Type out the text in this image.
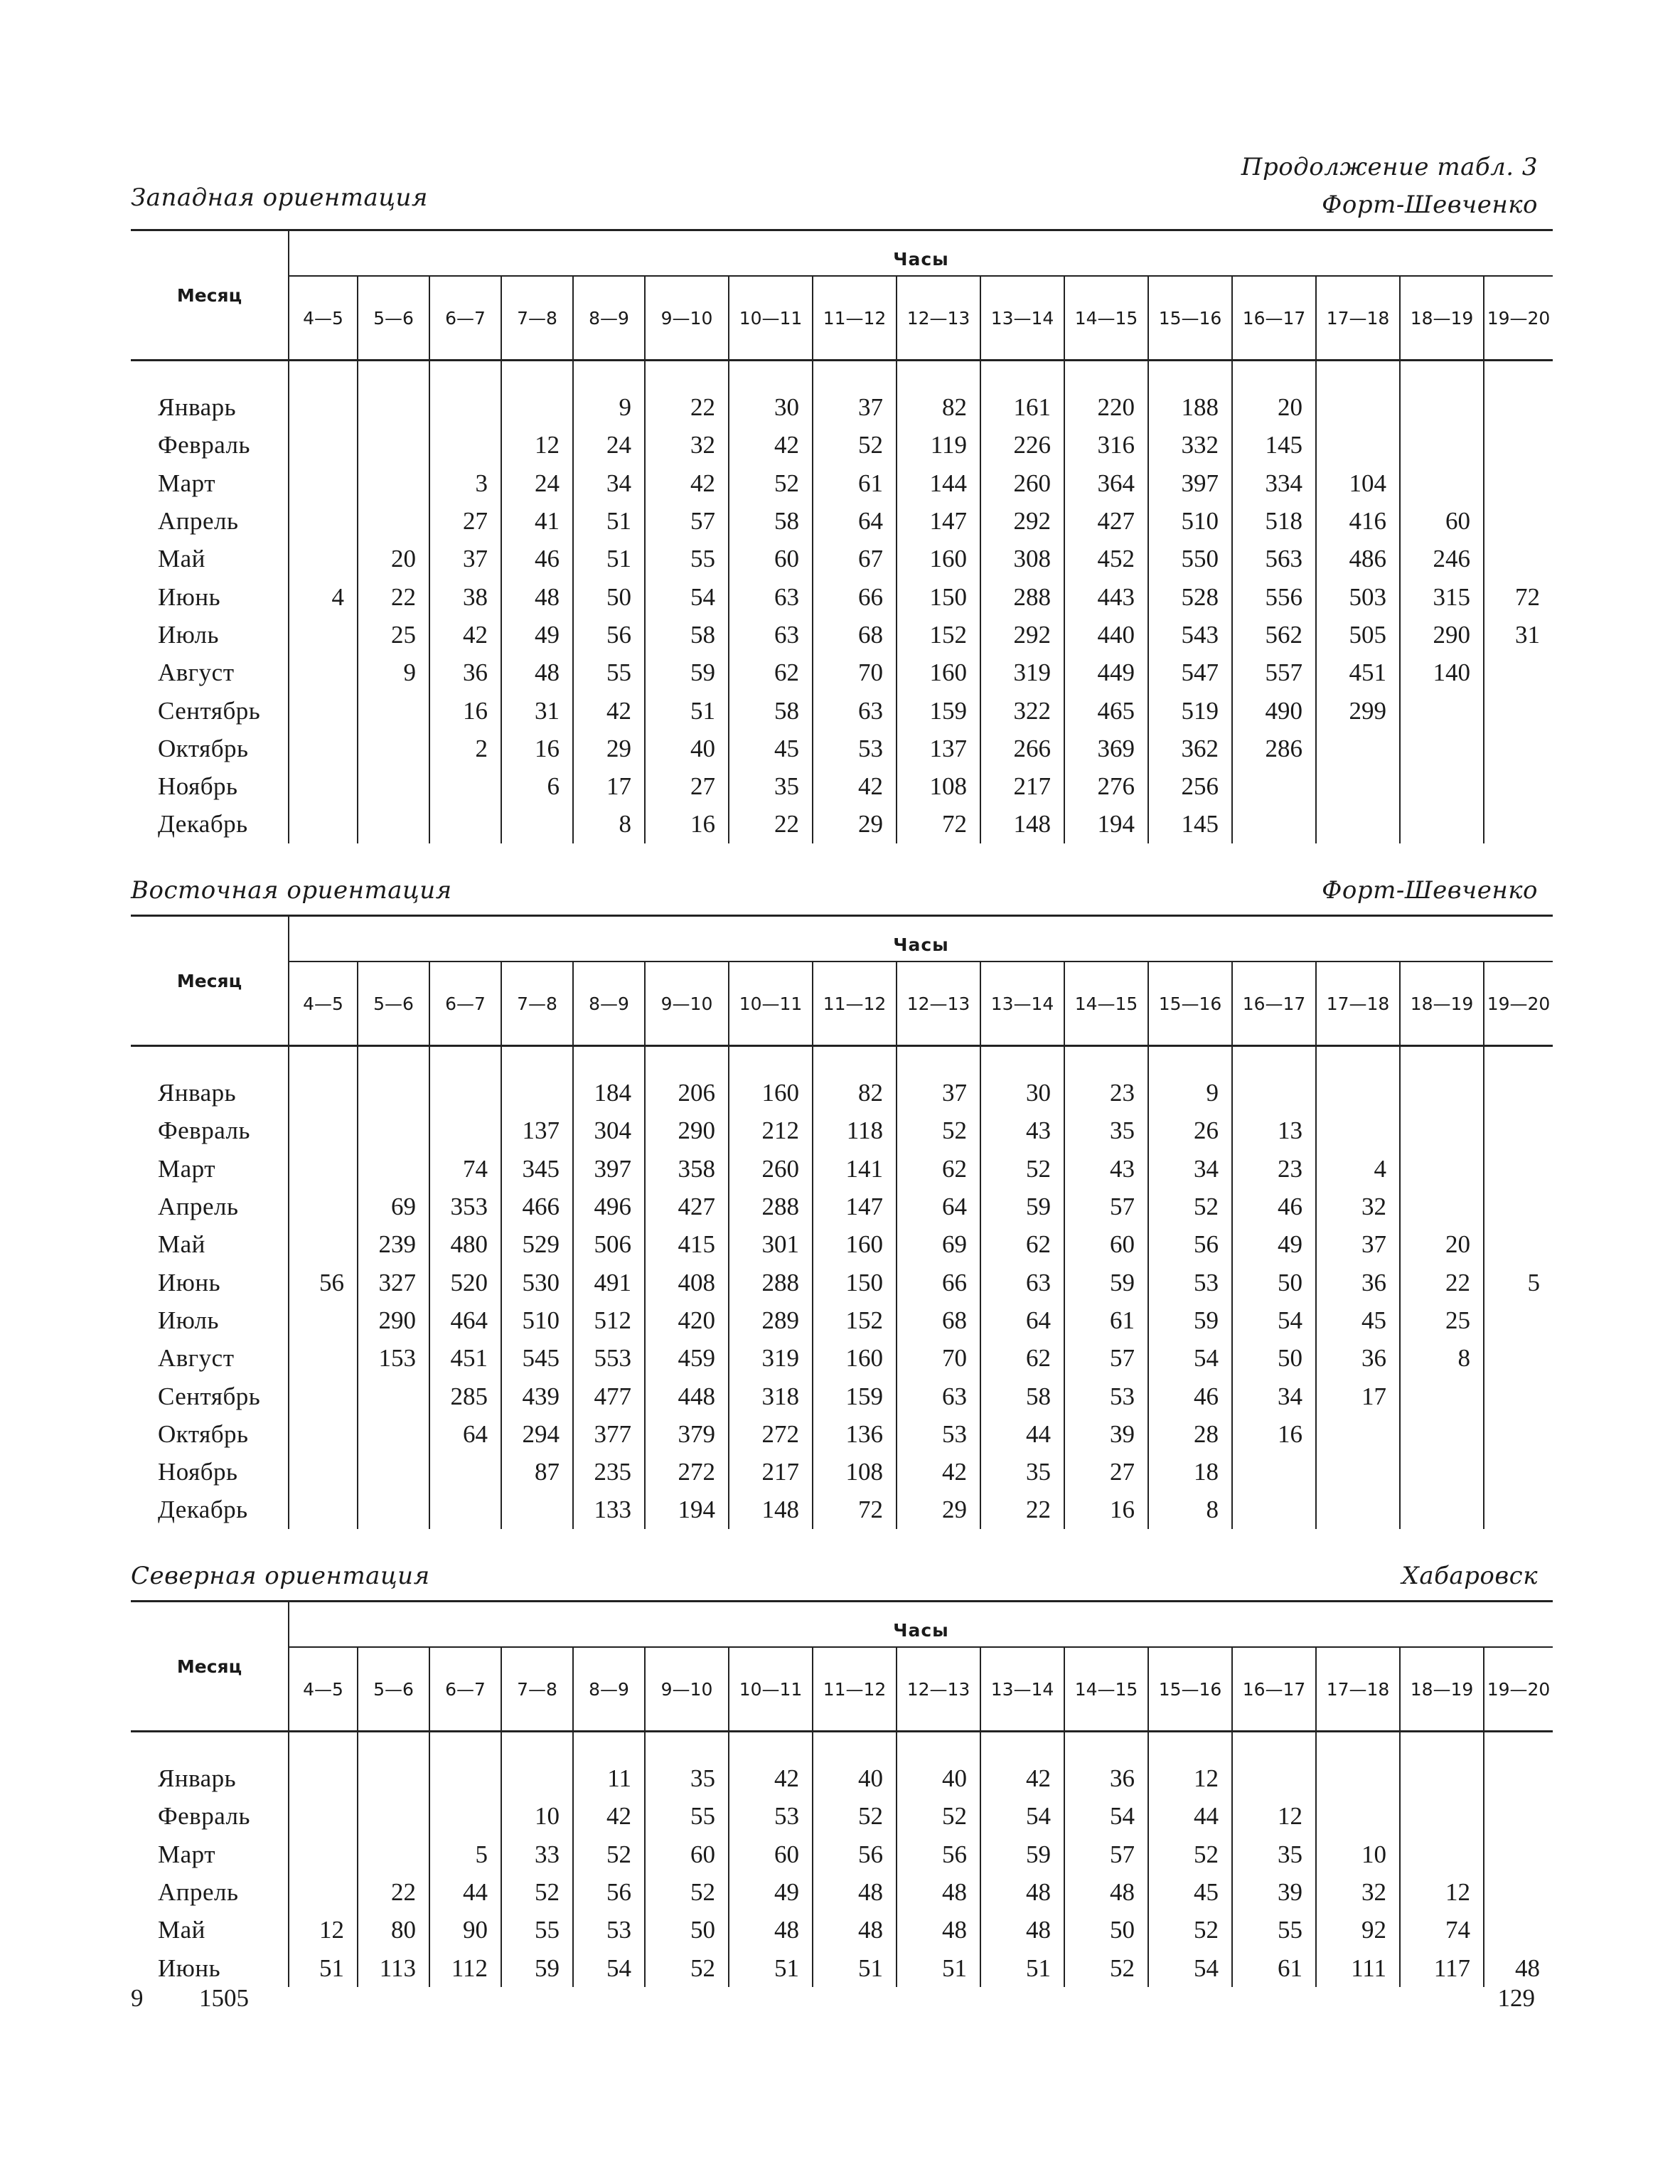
Продолжение табл. 3
Западная ориентация	Форт-Шевченко
Месяц	Часы															
	4—5	5—6	6—7	7—8	8—9	9—10	10—11	11—12	12—13	13—14	14—15	15—16	16—17	17—18	18—19	19—20

Январь					9	22	30	37	82	161	220	188	20			
Февраль				12	24	32	42	52	119	226	316	332	145			
Март			3	24	34	42	52	61	144	260	364	397	334	104		
Апрель			27	41	51	57	58	64	147	292	427	510	518	416	60	
Май		20	37	46	51	55	60	67	160	308	452	550	563	486	246	
Июнь	4	22	38	48	50	54	63	66	150	288	443	528	556	503	315	72
Июль		25	42	49	56	58	63	68	152	292	440	543	562	505	290	31
Август		9	36	48	55	59	62	70	160	319	449	547	557	451	140	
Сентябрь			16	31	42	51	58	63	159	322	465	519	490	299		
Октябрь			2	16	29	40	45	53	137	266	369	362	286			
Ноябрь				6	17	27	35	42	108	217	276	256				
Декабрь					8	16	22	29	72	148	194	145				
Восточная ориентация	Форт-Шевченко
Месяц	Часы															
	4—5	5—6	6—7	7—8	8—9	9—10	10—11	11—12	12—13	13—14	14—15	15—16	16—17	17—18	18—19	19—20

Январь					184	206	160	82	37	30	23	9				
Февраль				137	304	290	212	118	52	43	35	26	13			
Март			74	345	397	358	260	141	62	52	43	34	23	4		
Апрель		69	353	466	496	427	288	147	64	59	57	52	46	32		
Май		239	480	529	506	415	301	160	69	62	60	56	49	37	20	
Июнь	56	327	520	530	491	408	288	150	66	63	59	53	50	36	22	5
Июль		290	464	510	512	420	289	152	68	64	61	59	54	45	25	
Август		153	451	545	553	459	319	160	70	62	57	54	50	36	8	
Сентябрь			285	439	477	448	318	159	63	58	53	46	34	17		
Октябрь			64	294	377	379	272	136	53	44	39	28	16			
Ноябрь				87	235	272	217	108	42	35	27	18				
Декабрь					133	194	148	72	29	22	16	8				
Северная ориентация	Хабаровск
Месяц	Часы															
	4—5	5—6	6—7	7—8	8—9	9—10	10—11	11—12	12—13	13—14	14—15	15—16	16—17	17—18	18—19	19—20

Январь					11	35	42	40	40	42	36	12				
Февраль				10	42	55	53	52	52	54	54	44	12			
Март			5	33	52	60	60	56	56	59	57	52	35	10		
Апрель		22	44	52	56	52	49	48	48	48	48	45	39	32	12	
Май	12	80	90	55	53	50	48	48	48	48	50	52	55	92	74	
Июнь	51	113	112	59	54	52	51	51	51	51	52	54	61	111	117	48
9 1505	129
